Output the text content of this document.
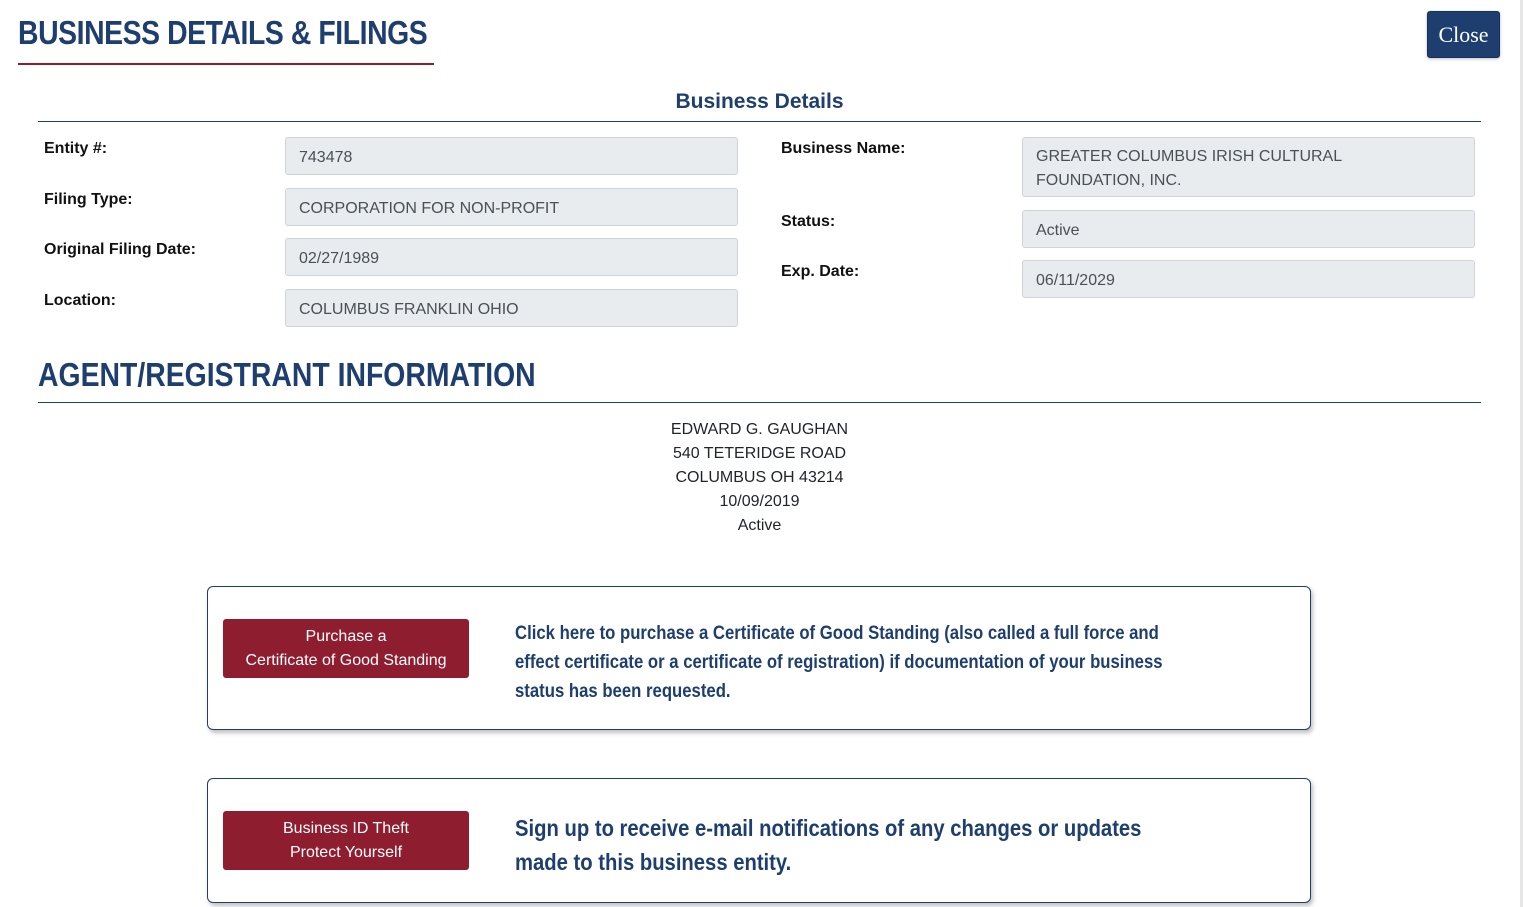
BUSINESS DETAILS & FILINGS	Close
Business Details
Entity #:
743478
Filing Type:
CORPORATION FOR NON-PROFIT
Original Filing Date:
02/27/1989
Location:
COLUMBUS FRANKLIN OHIO
Business Name:	GREATER COLUMBUS IRISH CULTURAL
FOUNDATION, INC.
Status:
Active
Exp. Date:
06/11/2029
AGENT/REGISTRANT INFORMATION
EDWARD G. GAUGHAN
540 TETERIDGE ROAD
COLUMBUS OH 43214
10/09/2019
Active
Purchase a
Certificate of Good Standing
Click here to purchase a Certificate of Good Standing (also called a full force and
effect certificate or a certificate of registration) if documentation of your business
status has been requested.
Business ID Theft
Protect Yourself
Sign up to receive e-mail notifications of any changes or updates
made to this business entity.
